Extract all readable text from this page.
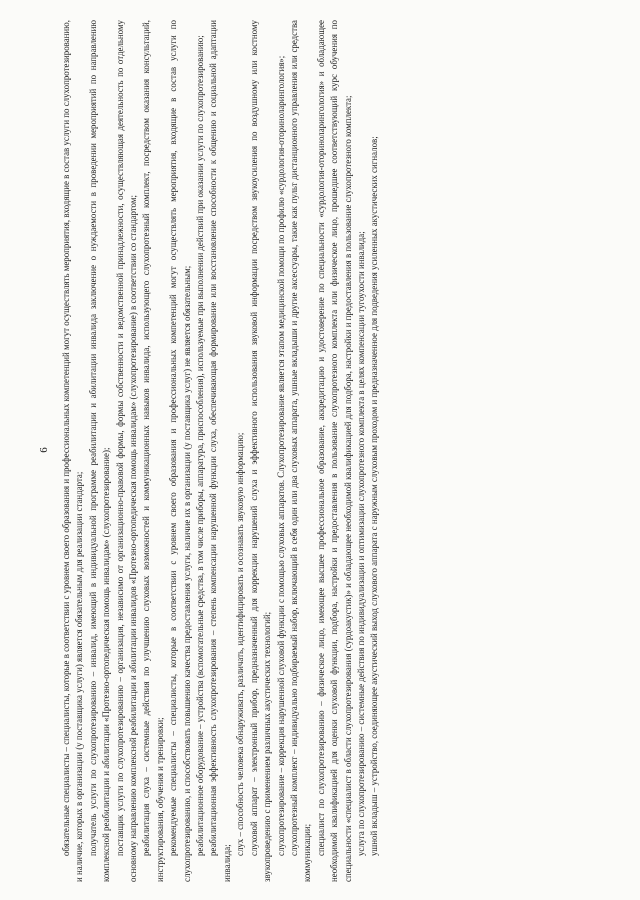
6 обязательные специалисты – специалисты, которые в соответствии с уровнем своего образования и профессиональных компетенций могут осуществлять мероприятия, входящие в состав услуги по слухопротезированию, и наличие, которых в организации (у поставщика услуги) является обязательным для реализации стандарта; получатель услуги по слухопротезированию – инвалид, имеющий в индивидуальной программе реабилитации и абилитации инвалида заключение о нуждаемости в проведении мероприятий по направлению комплексной реабилитации и абилитации «Протезно-ортопедическая помощь инвалидам» (слухопротезирование); поставщик услуги по слухопротезированию – организация, независимо от организационно-правовой формы, формы собственности и ведомственной принадлежности, осуществляющая деятельность по отдельному основному направлению комплексной реабилитации и абилитации инвалидов «Протезно-ортопедическая помощь инвалидам» (слухопротезирование) в соответствии со стандартом; реабилитация слуха – системные действия по улучшению слуховых возможностей и коммуникационных навыков инвалида, использующего слухопротезный комплект, посредством оказания консультаций, инструктирования, обучения и тренировки; рекомендуемые специалисты – специалисты, которые в соответствии с уровнем своего образования и профессиональных компетенций могут осуществлять мероприятия, входящие в состав услуги по слухопротезированию, и способствовать повышению качества предоставления услуги, наличие их в организации (у поставщика услуг) не является обязательным; реабилитационное оборудование – устройства (вспомогательные средства, в том числе приборы, аппаратура, приспособления), используемые при выполнении действий при оказании услуги по слухопротезированию; реабилитационная эффективность слухопротезирования – степень компенсации нарушенной функции слуха, обеспечивающая формирование или восстановление способности к общению и социальной адаптации инвалида;

слух – способность человека обнаруживать, различать, идентифицировать и осознавать звуковую информацию; слуховой аппарат – электронный прибор, предназначенный для коррекции нарушений слуха и эффективного использования звуковой информации посредством звукоусиления по воздушному или костному звукопроведению с применением различных акустических технологий; слухопротезирование – коррекция нарушенной слуховой функции с помощью слуховых аппаратов. Слухопротезирование является этапом медицинской помощи по профилю «сурдология-оториноларингология»; слухопротезный комплект – индивидуально подбираемый набор, включающий в себя один или два слуховых аппарата, ушные вкладыши и другие аксессуары, такие как пульт дистанционного управления или средства коммуникации; специалист по слухопротезированию – физическое лицо, имеющее высшее профессиональное образование, аккредитацию и удостоверение по специальности «сурдология-оториноларингология» и обладающее необходимой квалификацией для оценки слуховой функции, подбора, настройки и предоставления в пользование слухопротезного комплекта или физическое лицо, прошедшее соответствующий курс обучения по специальности «специалист в области слухопротезирования (сурдоакустик)» и обладающее необходимой квалификацией для подбора, настройки и предоставления в пользование слухопротезного комплекта; услуга по слухопротезированию – системные действия по индивидуализации и оптимизации слухопротезного комплекта в целях компенсации тугоухости инвалида; ушной вкладыш – устройство, соединяющее акустический выход слухового аппарата с наружным слуховым проходом и предназначенное для подведения усиленных акустических сигналов;
